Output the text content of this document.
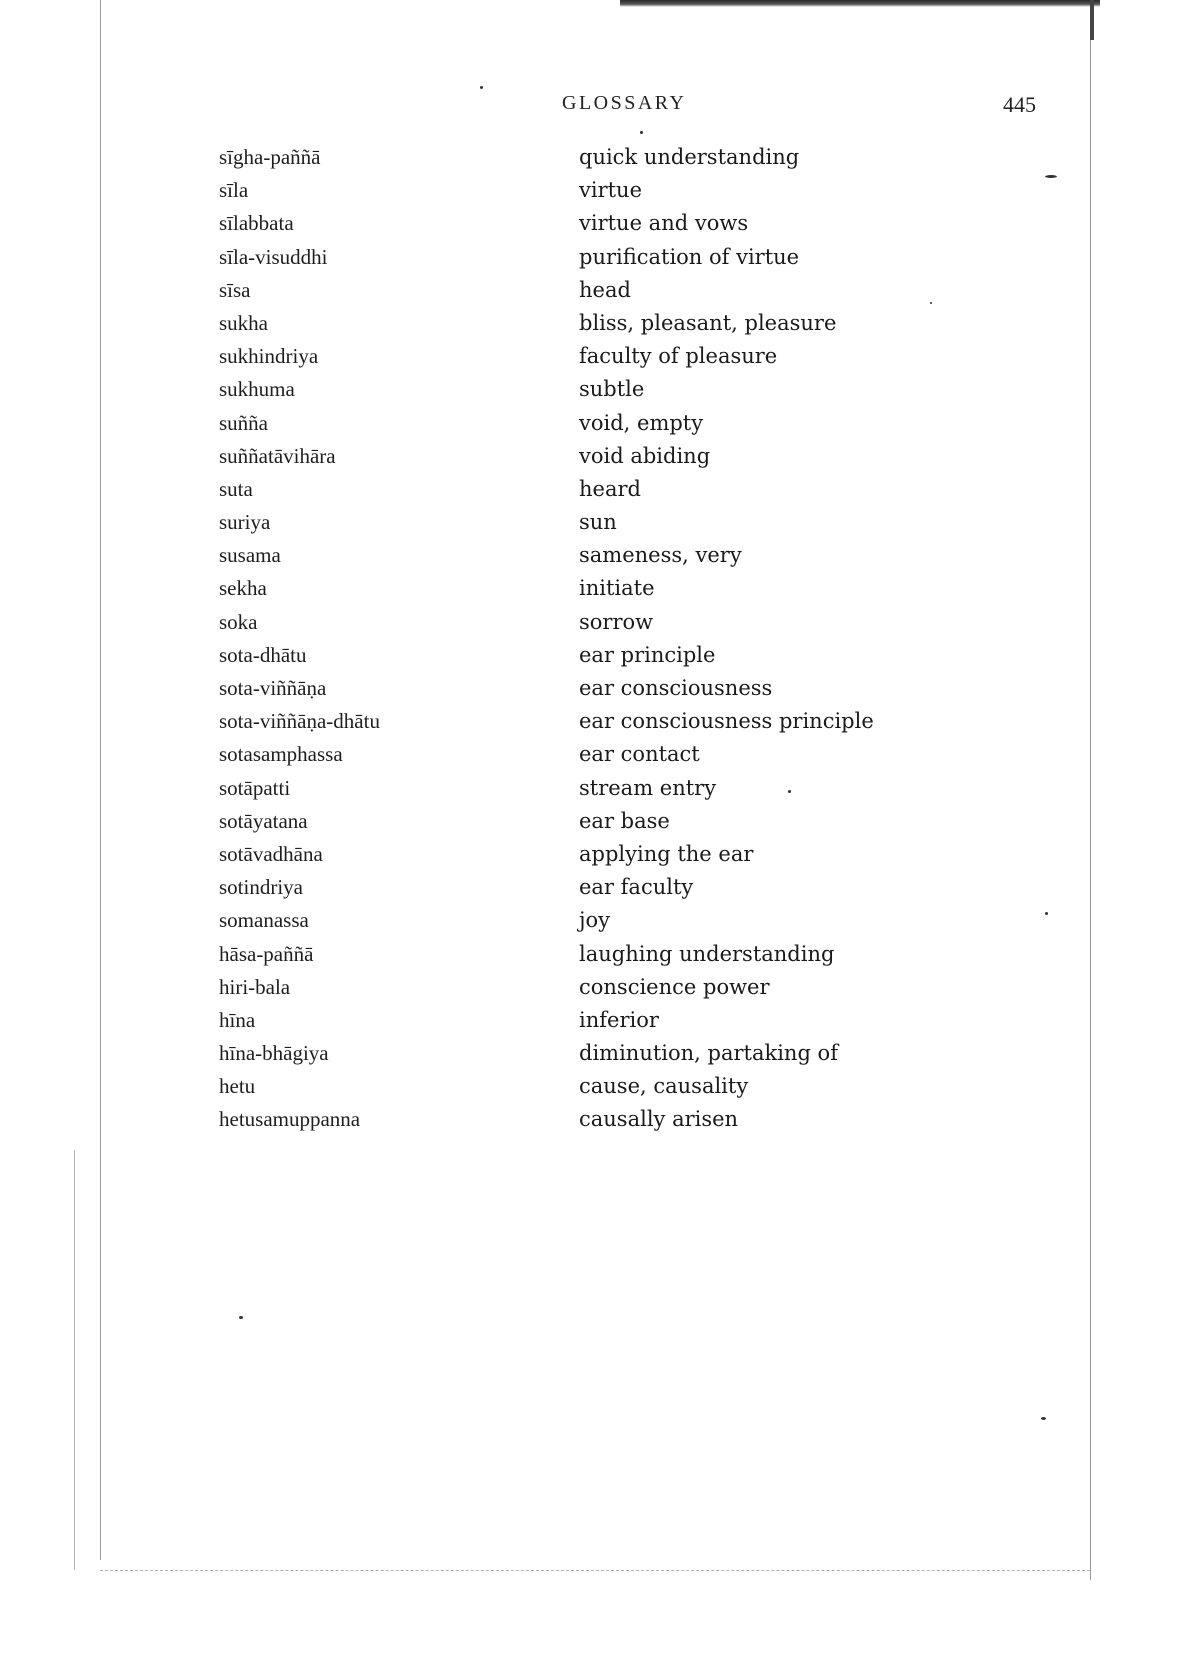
GLOSSARY	445
sīgha-paññā	quick understanding
sīla	virtue
sīlabbata	virtue and vows
sīla-visuddhi	purification of virtue
sīsa	head
sukha	bliss, pleasant, pleasure
sukhindriya	faculty of pleasure
sukhuma	subtle
suñña	void, empty
suññatāvihāra	void abiding
suta	heard
suriya	sun
susama	sameness, very
sekha	initiate
soka	sorrow
sota-dhātu	ear principle
sota-viññāṇa	ear consciousness
sota-viññāṇa-dhātu	ear consciousness principle
sotasamphassa	ear contact
sotāpatti	stream entry
sotāyatana	ear base
sotāvadhāna	applying the ear
sotindriya	ear faculty
somanassa	joy
hāsa-paññā	laughing understanding
hiri-bala	conscience power
hīna	inferior
hīna-bhāgiya	diminution, partaking of
hetu	cause, causality
hetusamuppanna	causally arisen
